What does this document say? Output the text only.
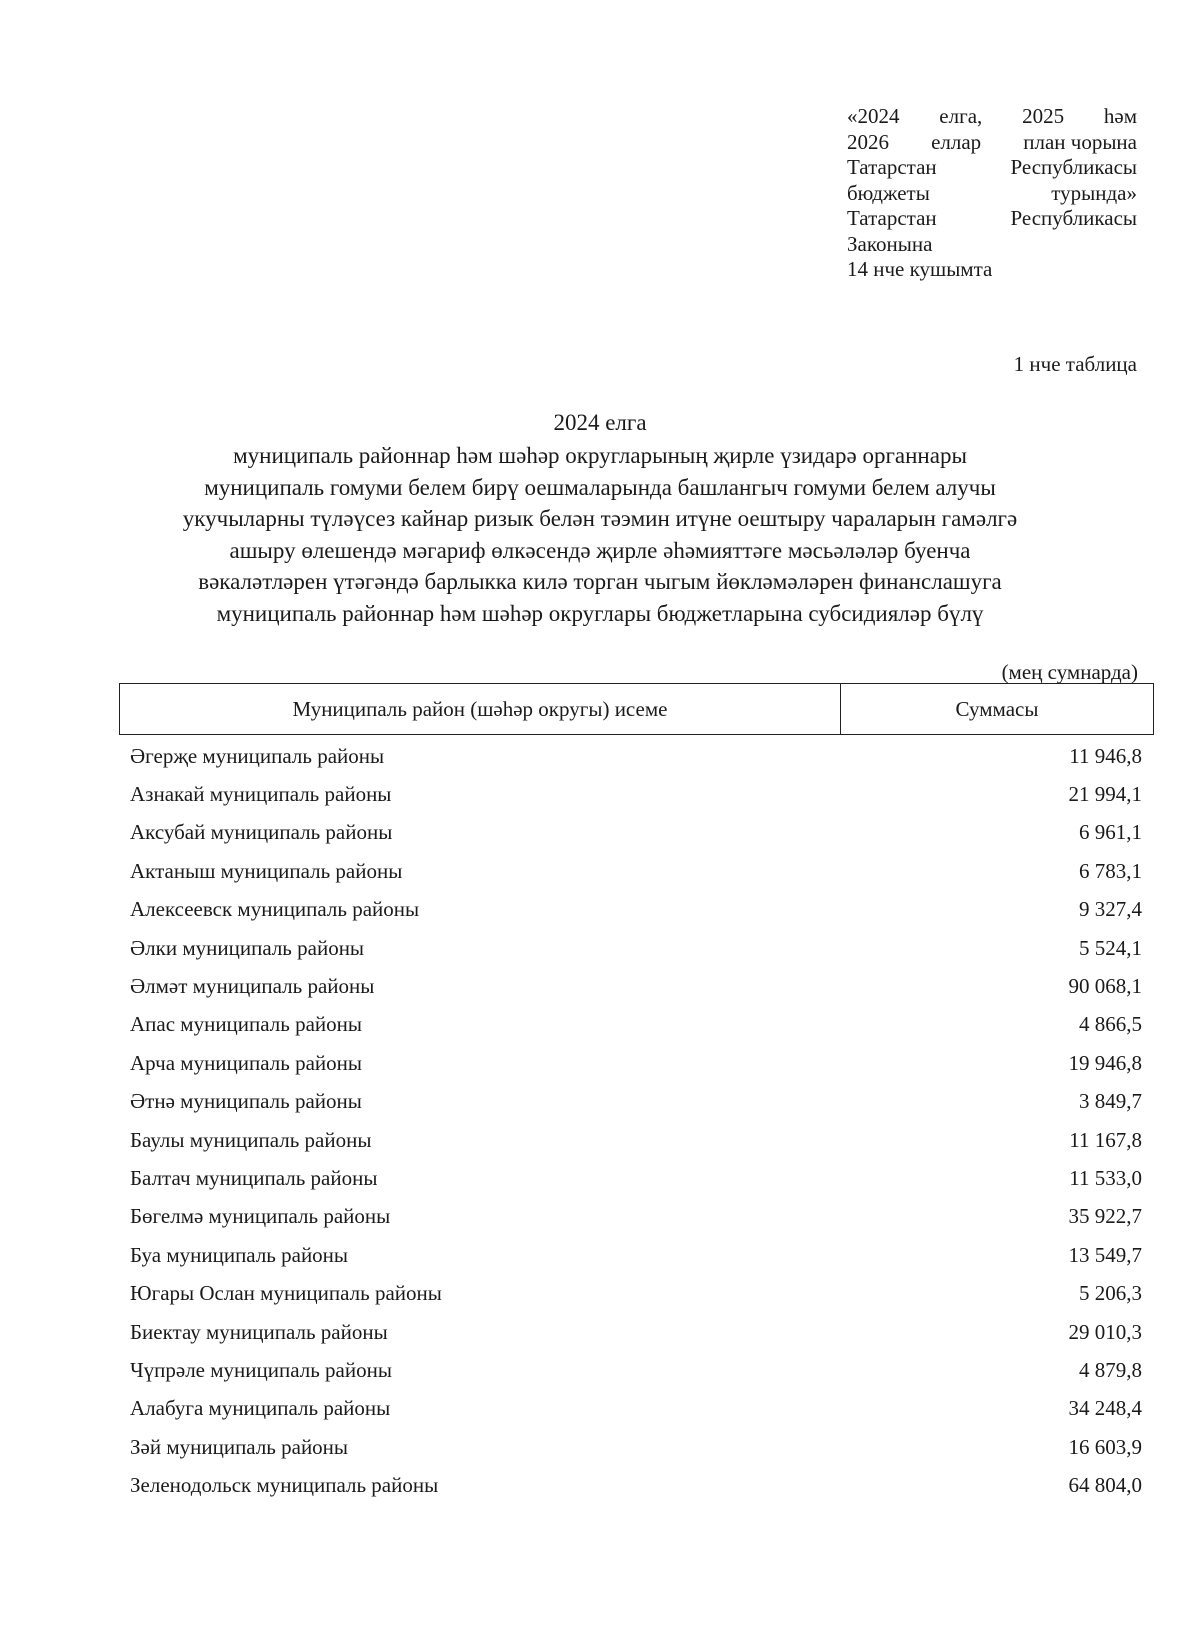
«2024 елга, 2025 һәм
2026 еллар план чорына
Татарстан	Республикасы
бюджеты	турында»
Татарстан	Республикасы
Законына
14 нче кушымта
1 нче таблица
2024 елга
муниципаль районнар һәм шәһәр округларының җирле үзидарә органнары
муниципаль гомуми белем бирү оешмаларында башлангыч гомуми белем алучы
укучыларны түләүсез кайнар ризык белән тәэмин итүне оештыру чараларын гамәлгә
ашыру өлешендә мәгариф өлкәсендә җирле әһәмияттәге мәсьәләләр буенча
вәкаләтләрен үтәгәндә барлыкка килә торган чыгым йөкләмәләрен финанслашуга
муниципаль районнар һәм шәһәр округлары бюджетларына субсидияләр бүлү
(мең сумнарда)
Муниципаль район (шәһәр округы) исеме	Суммасы
Әгерҗе муниципаль районы	11 946,8
Азнакай муниципаль районы	21 994,1
Аксубай муниципаль районы	6 961,1
Актаныш муниципаль районы	6 783,1
Алексеевск муниципаль районы	9 327,4
Әлки муниципаль районы	5 524,1
Әлмәт муниципаль районы	90 068,1
Апас муниципаль районы	4 866,5
Арча муниципаль районы	19 946,8
Әтнә муниципаль районы	3 849,7
Баулы муниципаль районы	11 167,8
Балтач муниципаль районы	11 533,0
Бөгелмә муниципаль районы	35 922,7
Буа муниципаль районы	13 549,7
Югары Ослан муниципаль районы	5 206,3
Биектау муниципаль районы	29 010,3
Чүпрәле муниципаль районы	4 879,8
Алабуга муниципаль районы	34 248,4
Зәй муниципаль районы	16 603,9
Зеленодольск муниципаль районы	64 804,0
